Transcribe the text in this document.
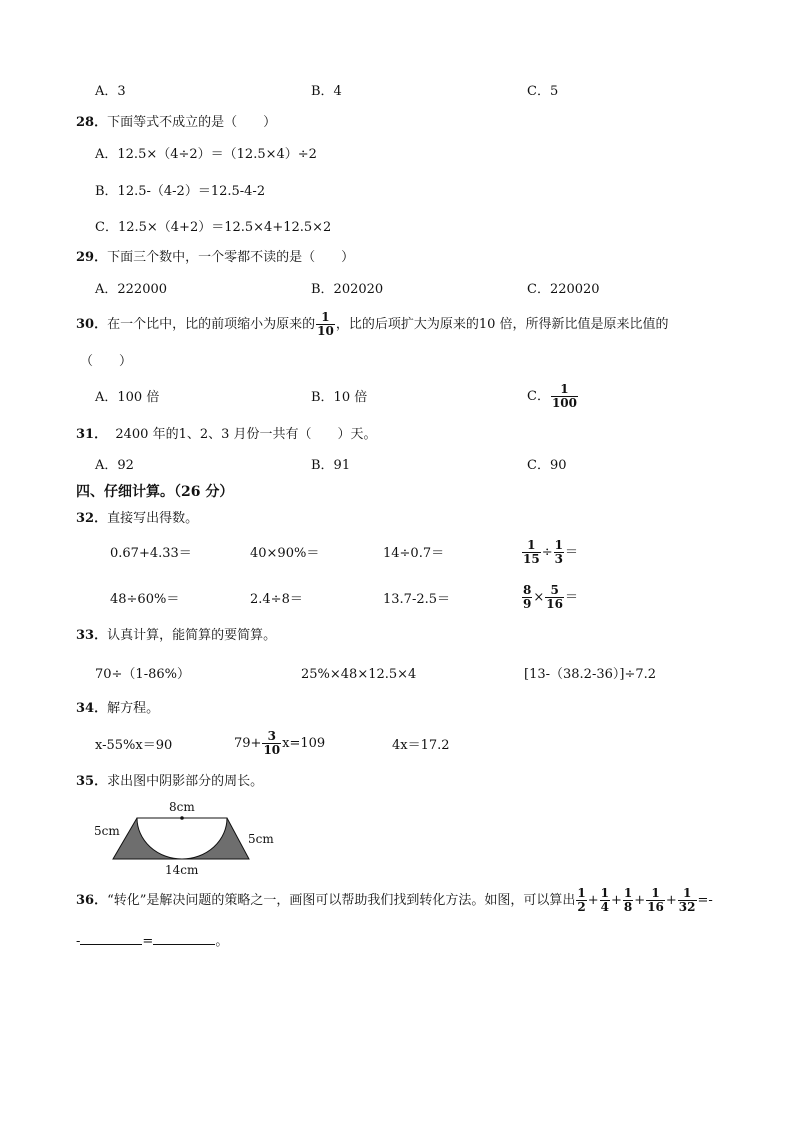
A．3	B．4	C．5
28．下面等式不成立的是（　　）
A．12.5×（4÷2）＝（12.5×4）÷2
B．12.5-（4-2）＝12.5-4-2
C．12.5×（4+2）＝12.5×4+12.5×2
29．下面三个数中，一个零都不读的是（　　）
A．222000	B．202020	C．220020
30．在一个比中，比的前项缩小为原来的 $\frac{1}{10}$ ，比的后项扩大为原来的10 倍，所得新比值是原来比值的
（　　）
A．100 倍	B．10 倍	C． $\frac{1}{100}$
31． 2400 年的1、2、3 月份一共有（　　）天。
A．92	B．91	C．90
四、仔细计算。（26 分）
32．直接写出得数。
0.67+4.33＝	40×90%＝	14÷0.7＝	$\frac{1}{15} \div \frac{1}{3}$ ＝
48÷60%＝	2.4÷8＝	13.7-2.5＝	$\frac{8}{9} \times \frac{5}{16}$ ＝
33．认真计算，能简算的要简算。
70÷（1-86%）	25%×48×12.5×4	[13-（38.2-36）]÷7.2
34．解方程。
x-55%x＝90	$79+ \frac{3}{10} x=109$	4x＝17.2
35．求出图中阴影部分的周长。
8cm
5cm
5cm
14cm
36．“转化”是解决问题的策略之一，画图可以帮助我们找到转化方法。如图，可以算出 $\frac{1}{2} + \frac{1}{4} + \frac{1}{8} + \frac{1}{16} + \frac{1}{32}$ =-
-	=	。
